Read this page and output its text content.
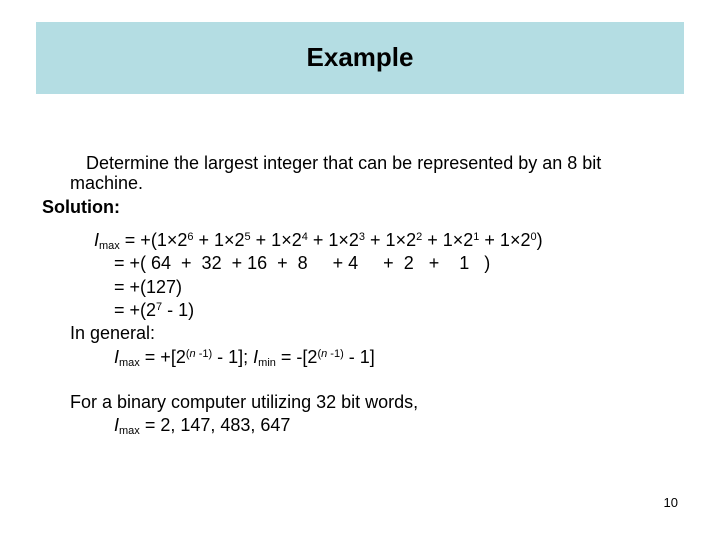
Example
Determine the largest integer that can be represented by an 8 bit
machine.
Solution:
$I_{max} = +(1\times 2^6 + 1\times 2^5 + 1\times 2^4 + 1\times 2^3 + 1\times 2^2 + 1\times 2^1 + 1\times 2^0)$
= +( 64  +  32  + 16  +  8     + 4     +  2   +    1   )
= +(127)
= $+(2^7 - 1)$
In general:
$I_{max} = +[2^{(n -1)} - 1]$; $I_{min} = -[2^{(n -1)} - 1]$
For a binary computer utilizing 32 bit words,
$I_{max} = 2$, 147, 483, 647
10
